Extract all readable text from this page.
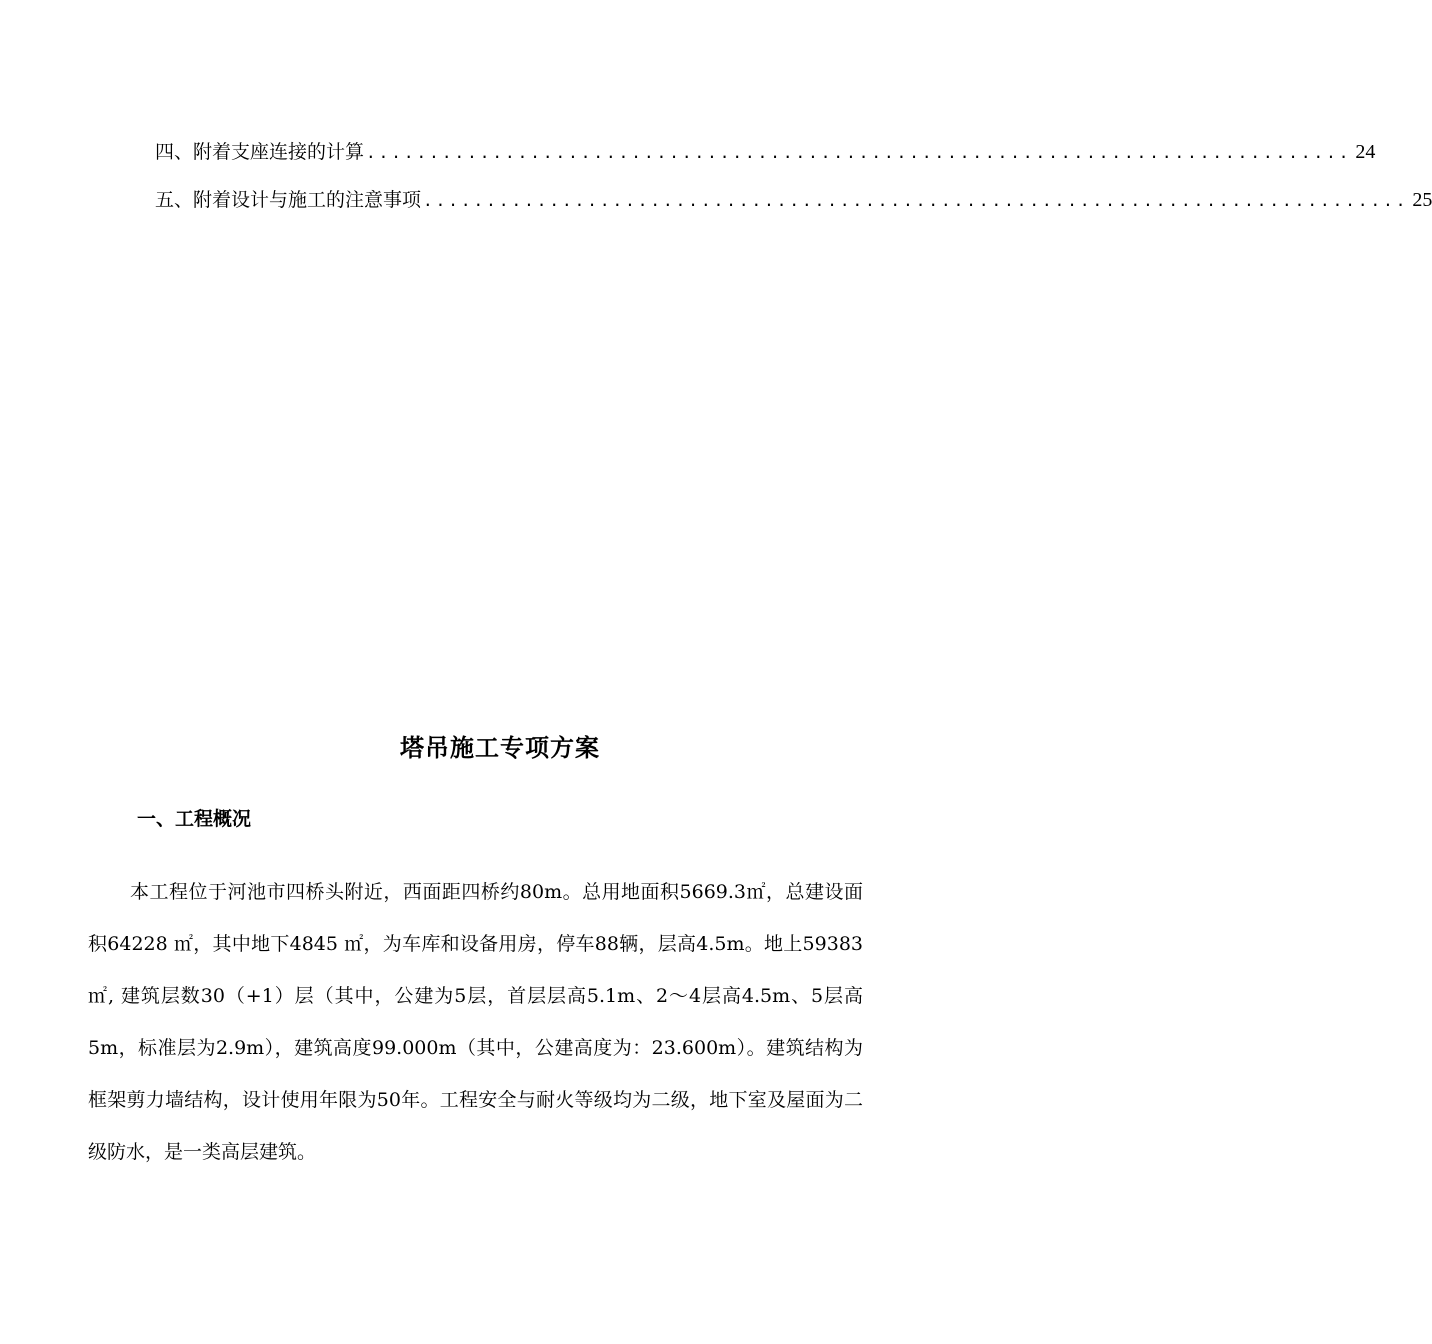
四、附着支座连接的计算 .............................................................................. 24
五、附着设计与施工的注意事项 .............................................................................. 25
塔吊施工专项方案
一、工程概况

本工程位于河池市四桥头附近，西面距四桥约80m。总用地面积5669.3㎡，总建设面积64228 ㎡，其中地下4845 ㎡，为车库和设备用房，停车88辆，层高4.5m。地上59383 ㎡, 建筑层数30（+1）层（其中，公建为5层，首层层高5.1m、2～4层高4.5m、5层高5m，标准层为2.9m），建筑高度99.000m（其中，公建高度为：23.600m）。建筑结构为框架剪力墙结构，设计使用年限为50年。工程安全与耐火等级均为二级，地下室及屋面为二级防水，是一类高层建筑。
